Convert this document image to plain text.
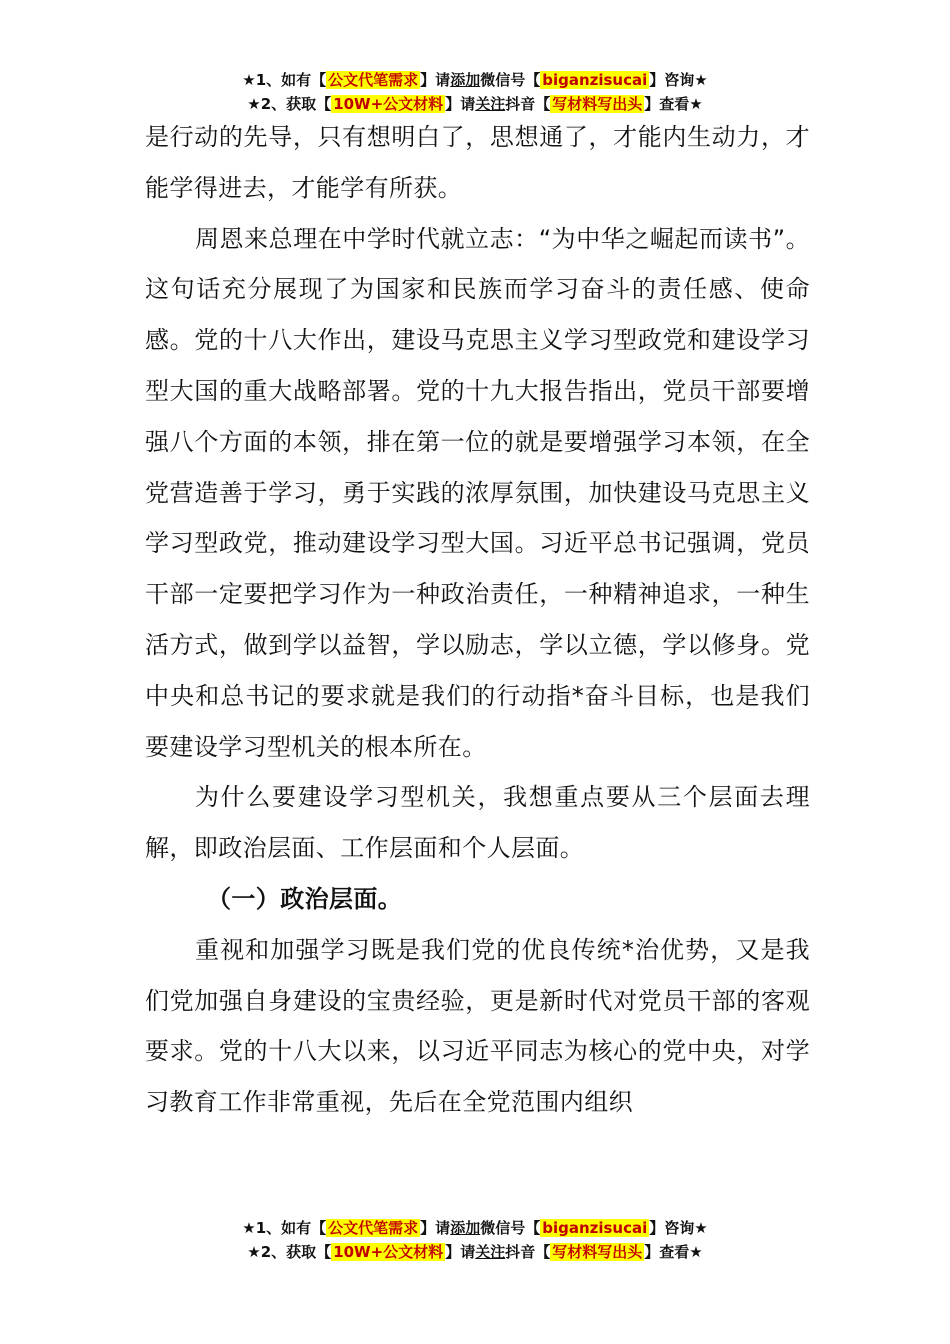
★1、如有【 公文代笔需求 】请添加微信号【 biganzisucai 】咨询★
★2、获取【 10W+公文材料 】请关注抖音【 写材料写出头 】查看★

是行动的先导，只有想明白了，思想通了，才能内生动力，才能学得进去，才能学有所获。

周恩来总理在中学时代就立志：“为中华之崛起而读书”。这句话充分展现了为国家和民族而学习奋斗的责任感、使命感。党的十八大作出，建设马克思主义学习型政党和建设学习型大国的重大战略部署。党的十九大报告指出，党员干部要增强八个方面的本领，排在第一位的就是要增强学习本领，在全党营造善于学习，勇于实践的浓厚氛围，加快建设马克思主义学习型政党，推动建设学习型大国。习近平总书记强调，党员干部一定要把学习作为一种政治责任，一种精神追求，一种生活方式，做到学以益智，学以励志，学以立德，学以修身。党中央和总书记的要求就是我们的行动指*奋斗目标，也是我们要建设学习型机关的根本所在。

为什么要建设学习型机关，我想重点要从三个层面去理解，即政治层面、工作层面和个人层面。

（一）政治层面。

重视和加强学习既是我们党的优良传统*治优势，又是我们党加强自身建设的宝贵经验，更是新时代对党员干部的客观要求。党的十八大以来，以习近平同志为核心的党中央，对学习教育工作非常重视，先后在全党范围内组织

★1、如有【 公文代笔需求 】请添加微信号【 biganzisucai 】咨询★
★2、获取【 10W+公文材料 】请关注抖音【 写材料写出头 】查看★
